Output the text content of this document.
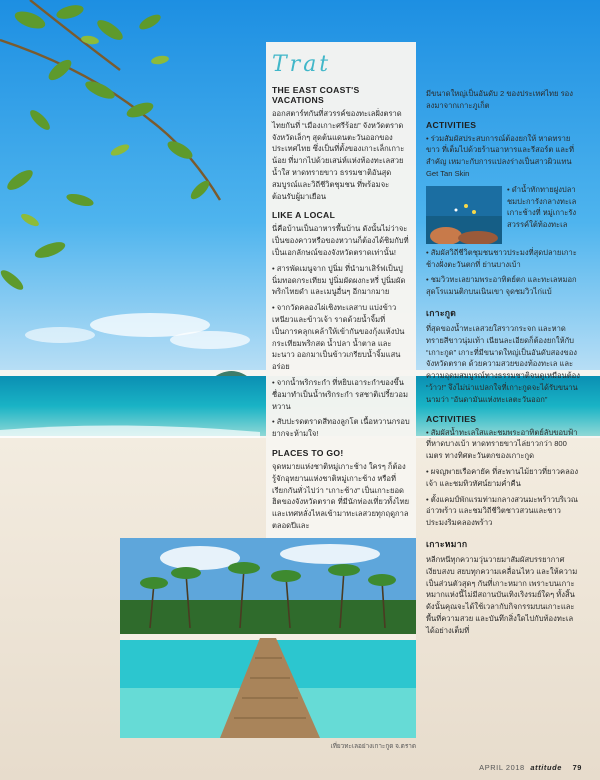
Trat
THE EAST COAST'S VACATIONS
ออกสตาร์ทกันที่สวรรค์ของทะเลฝั่งตราด ไทยกันที่ “เมืองเกาะศรีร้อย” จังหวัดตราด จังหวัดเล็กๆ สุดต้นแดนตะวันออกของประเทศไทย ซึ่งเป็นที่ตั้งของเกาะเล็กเกาะน้อย ที่มากไปด้วยเสน่ห์แห่งท้องทะเลสวย น้ำใส หาดทรายขาว ธรรมชาติอันสุดสมบูรณ์และวิถีชีวิตชุมชน ที่พร้อมจะต้อนรับผู้มาเยือน
LIKE A LOCAL
นี่คือบ้านเป็นอาหารพื้นบ้าน ดังนั้นไม่ว่าจะเป็นของคาวหรือของหวานก็ต้องได้ชิมกับที่เป็นเอกลักษณ์ของจังหวัดตราดเท่านั้น!
• สารพัดเมนูจาก ปูนิ่ม ที่นำมาเสิร์ฟเป็นปูนิ่มทอดกระเทียม ปูนิ่มผัดผงกะหรี่ ปูนิ่มผัดพริกไทยดำ และเมนูอื่นๆ อีกมากมาย
• จากวัดคลองไผ่เชิงทะเลสาบ แบ่งข้าวเหนียวและข้าวเจ้า ราดด้วยน้ำจิ้มที่เป็นการคลุกเคล้าให้เข้ากันของกุ้งแห้งป่น กระเทียมพริกสด น้ำปลา น้ำตาล และมะนาว ออกมาเป็นข้าวเกรียบน้ำจิ้มแสนอร่อย
• จากน้ำพริกระกำ ที่หยิบเอาระกำของขึ้นชื่อมาทำเป็นน้ำพริกระกำ รสชาติเปรี้ยวอมหวาน
• สับปะรดตราดสีทองลูกโต เนื้อหวานกรอบ ยากจะห้ามใจ!
PLACES TO GO!
จุดหมายแห่งชาติหมู่เกาะช้าง ใครๆ ก็ต้องรู้จักอุทยานแห่งชาติหมู่เกาะช้าง หรือที่เรียกกันทั่วไปว่า “เกาะช้าง” เป็นเกาะยอดฮิตของจังหวัดตราด ที่มีนักท่องเที่ยวทั้งไทยและเทศหลั่งไหลเข้ามาทะเลสวยทุกฤดูกาล ตลอดปีและ
มีขนาดใหญ่เป็นอันดับ 2 ของประเทศไทย รองลงมาจากเกาะภูเก็ต
ACTIVITIES
• ร่วมสัมผัสประสบการณ์ต้องยกให้ หาดทรายขาว ที่เต็มไปด้วยร้านอาหารและรีสอร์ต และที่สำคัญ เหมาะกับการแปลงร่างเป็นสาวผิวแทน Get Tan Skin
• ดำน้ำทักทายฝูงปลา ชมปะการังกลางทะเลเกาะช้างที่ หมู่เกาะรัง สวรรค์ใต้ท้องทะเล
• สัมผัสวิถีชีวิตชุมชนชาวประมงที่สุดปลายเกาะช้างฝั่งตะวันตกที่ ย่านบางเบ้า
• ชมวิวทะเลยามพระอาทิตย์ตก และทะเลหมอกสุดโรแมนติกบนเนินเขา จุดชมวิวไก่แบ้
เกาะกูด
ที่สุดของน้ำทะเลสวยใสราวกระจก และหาดทรายสีขาวนุ่มเท้า เนียนละเอียดก็ต้องยกให้กับ “เกาะกูด” เกาะที่มีขนาดใหญ่เป็นอันดับสองของจังหวัดตราด ด้วยความสวยของท้องทะเล และความอุดมสมบูรณ์ทางธรรมชาติจนดูเหมือนต้อง “ว้าว!” จึงไม่น่าแปลกใจที่เกาะกูดจะได้รับขนานนามว่า “อันดามันแห่งทะเลตะวันออก”
ACTIVITIES
• สัมผัสน้ำทะเลใสและชมพระอาทิตย์ลับขอบฟ้าที่หาดบางเบ้า หาดทรายขาวไล่ยาวกว่า 800 เมตร ทางทิศตะวันตกของเกาะกูด
• ผจญพายเรือคายัค ที่สะพานไม้ยาวที่ยาวคลองเจ้า และชมทิวทัศน์ยามค่ำคืน
• ตั้งแคมป์พักแรมท่ามกลางสวนมะพร้าวบริเวณอ่าวพร้าว และชมวิถีชีวิตชาวสวนและชาวประมงริมคลองพร้าว
เกาะหมาก
หลีกหนีทุกความวุ่นวายมาสัมผัสบรรยากาศเงียบสงบ สยบทุกความเคลื่อนไหว และให้ความเป็นส่วนตัวสุดๆ กันที่เกาะหมาก เพราะบนเกาะหมากแห่งนี้ไม่มีสถานบันเทิงเริงรมย์ใดๆ ทั้งสิ้น ดังนั้นคุณจะได้ใช้เวลากับกิจกรรมบนเกาะและพื้นที่ความสวย และบันทึกสิ่งใดไปกับท้องทะเลได้อย่างเต็มที่
เที่ยวทะเลอย่างเกาะกูด จ.ตราด
APRIL 2018 attitude 79
